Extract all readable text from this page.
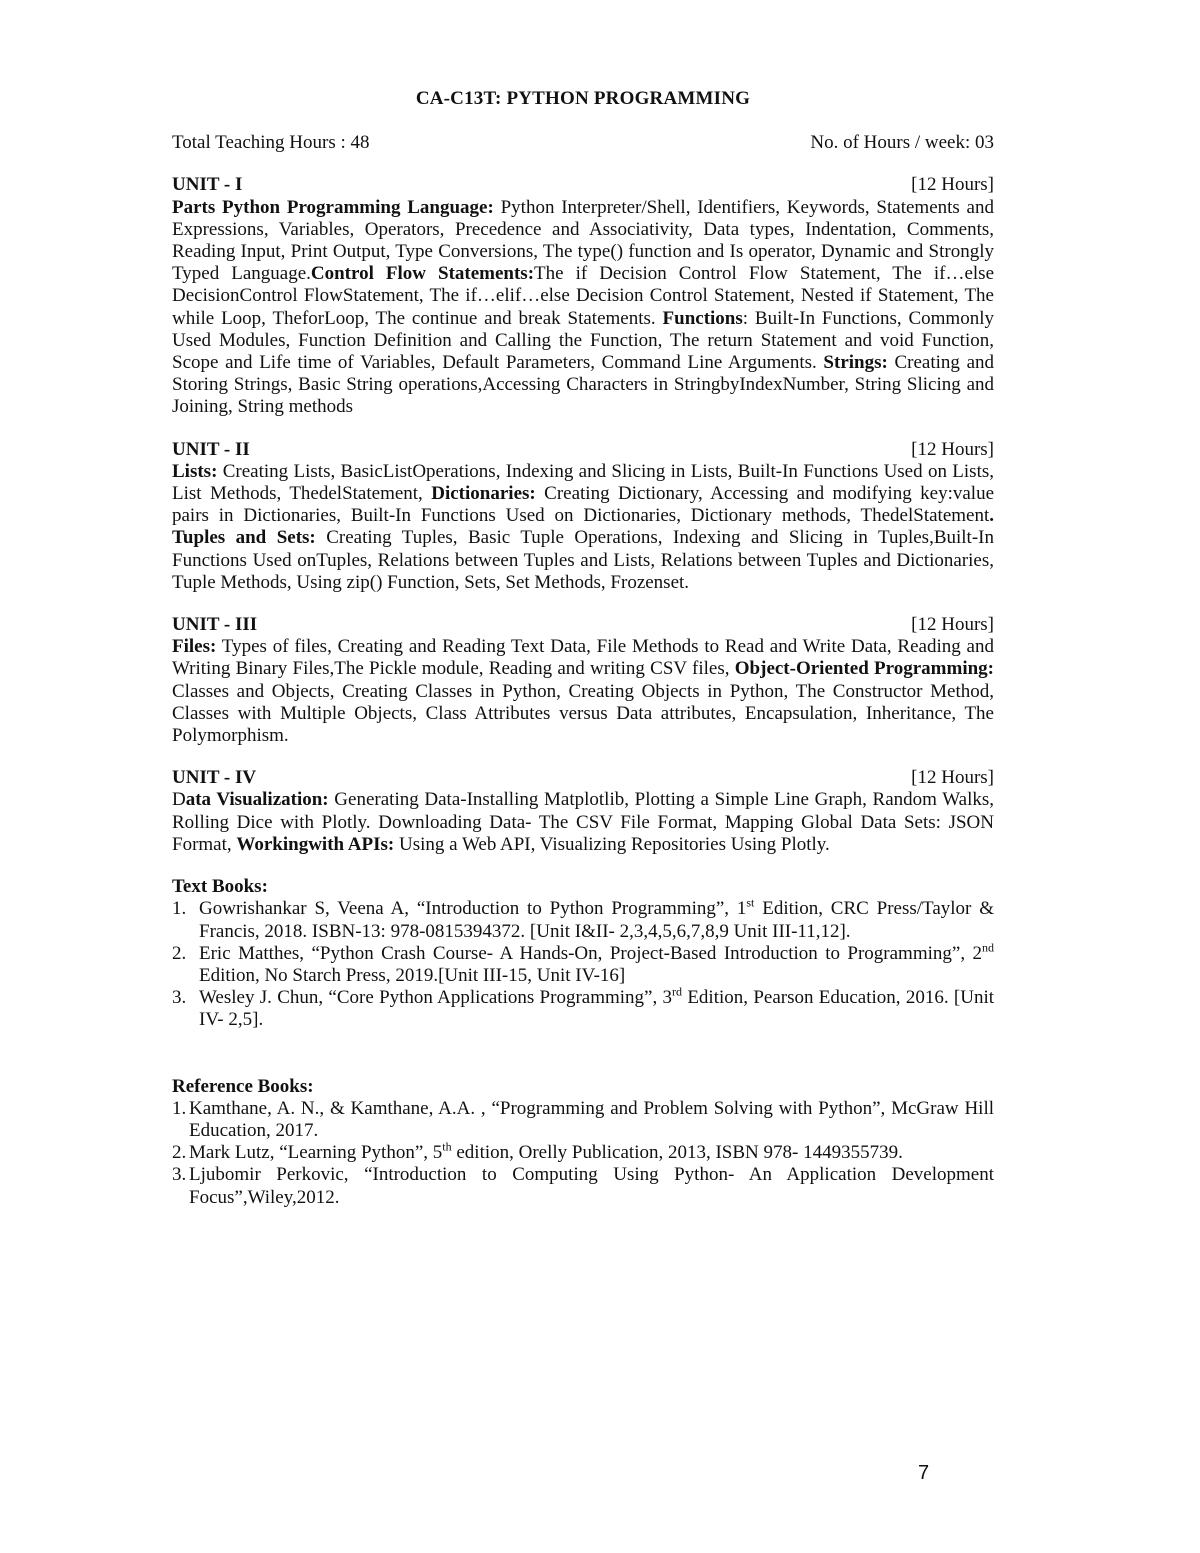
CA-C13T: PYTHON PROGRAMMING
Total Teaching Hours : 48	No. of Hours / week: 03
UNIT - I	[12 Hours]
Parts Python Programming Language: Python Interpreter/Shell, Identifiers, Keywords, Statements and Expressions, Variables, Operators, Precedence and Associativity, Data types, Indentation, Comments, Reading Input, Print Output, Type Conversions, The type() function and Is operator, Dynamic and Strongly Typed Language.Control Flow Statements:The if Decision Control Flow Statement, The if…else DecisionControl FlowStatement, The if…elif…else Decision Control Statement, Nested if Statement, The while Loop, TheforLoop, The continue and break Statements. Functions: Built-In Functions, Commonly Used Modules, Function Definition and Calling the Function, The return Statement and void Function, Scope and Life time of Variables, Default Parameters, Command Line Arguments. Strings: Creating and Storing Strings, Basic String operations,Accessing Characters in StringbyIndexNumber, String Slicing and Joining, String methods
UNIT - II	[12 Hours]
Lists: Creating Lists, BasicListOperations, Indexing and Slicing in Lists, Built-In Functions Used on Lists, List Methods, ThedelStatement, Dictionaries: Creating Dictionary, Accessing and modifying key:value pairs in Dictionaries, Built-In Functions Used on Dictionaries, Dictionary methods, ThedelStatement. Tuples and Sets: Creating Tuples, Basic Tuple Operations, Indexing and Slicing in Tuples,Built-In Functions Used onTuples, Relations between Tuples and Lists, Relations between Tuples and Dictionaries, Tuple Methods, Using zip() Function, Sets, Set Methods, Frozenset.
UNIT - III	[12 Hours]
Files: Types of files, Creating and Reading Text Data, File Methods to Read and Write Data, Reading and Writing Binary Files,The Pickle module, Reading and writing CSV files, Object-Oriented Programming: Classes and Objects, Creating Classes in Python, Creating Objects in Python, The Constructor Method, Classes with Multiple Objects, Class Attributes versus Data attributes, Encapsulation, Inheritance, The Polymorphism.
UNIT - IV	[12 Hours]
Data Visualization: Generating Data-Installing Matplotlib, Plotting a Simple Line Graph, Random Walks, Rolling Dice with Plotly. Downloading Data- The CSV File Format, Mapping Global Data Sets: JSON Format, Workingwith APIs: Using a Web API, Visualizing Repositories Using Plotly.
Text Books:
1. Gowrishankar S, Veena A, “Introduction to Python Programming”, 1st Edition, CRC Press/Taylor & Francis, 2018. ISBN-13: 978-0815394372. [Unit I&II- 2,3,4,5,6,7,8,9 Unit III-11,12].
2. Eric Matthes, “Python Crash Course- A Hands-On, Project-Based Introduction to Programming”, 2nd Edition, No Starch Press, 2019.[Unit III-15, Unit IV-16]
3. Wesley J. Chun, “Core Python Applications Programming”, 3rd Edition, Pearson Education, 2016. [Unit IV- 2,5].
Reference Books:
1. Kamthane, A. N., & Kamthane, A.A. , “Programming and Problem Solving with Python”, McGraw Hill Education, 2017.
2. Mark Lutz, “Learning Python”, 5th edition, Orelly Publication, 2013, ISBN 978- 1449355739.
3. Ljubomir Perkovic, “Introduction to Computing Using Python- An Application Development Focus”,Wiley,2012.
7
